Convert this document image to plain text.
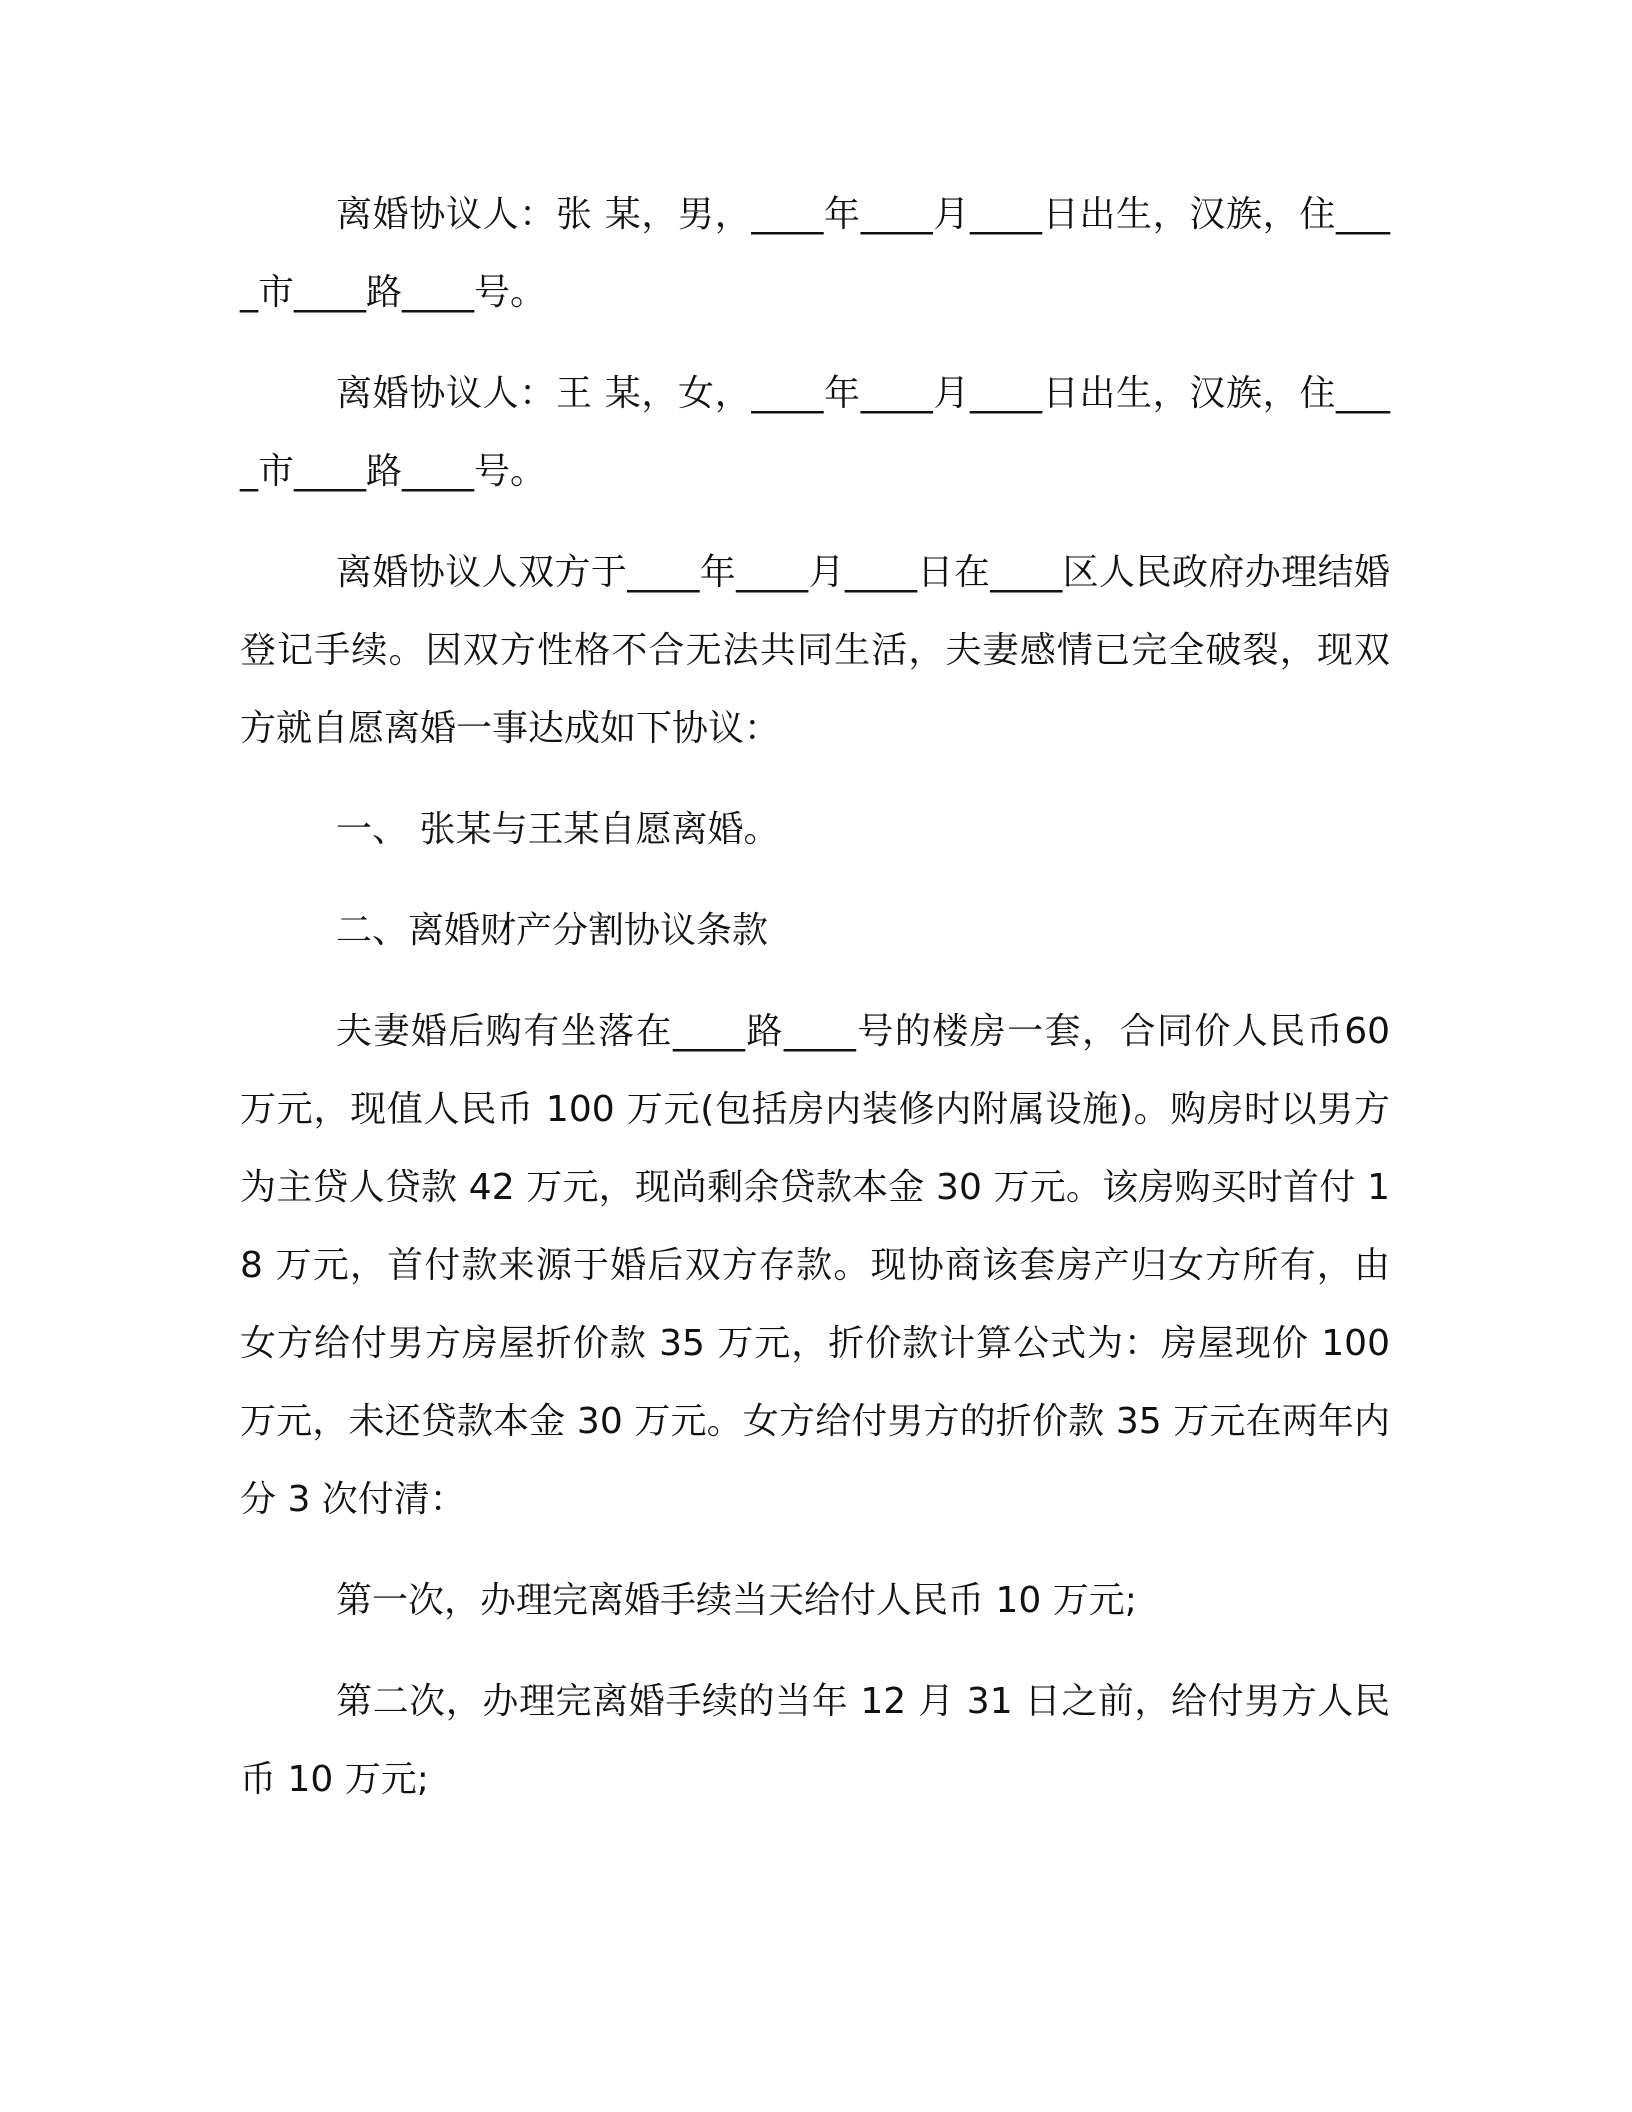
离婚协议人：张 某，男，____年____月____日出生，汉族，住____市____路____号。

离婚协议人：王 某，女，____年____月____日出生，汉族，住____市____路____号。

离婚协议人双方于____年____月____日在____区人民政府办理结婚登记手续。因双方性格不合无法共同生活，夫妻感情已完全破裂，现双方就自愿离婚一事达成如下协议：

一、 张某与王某自愿离婚。

二、离婚财产分割协议条款

夫妻婚后购有坐落在____路____号的楼房一套，合同价人民币60 万元，现值人民币 100 万元(包括房内装修内附属设施)。购房时以男方为主贷人贷款 42 万元，现尚剩余贷款本金 30 万元。该房购买时首付 18 万元，首付款来源于婚后双方存款。现协商该套房产归女方所有，由女方给付男方房屋折价款 35 万元，折价款计算公式为：房屋现价 100 万元，未还贷款本金 30 万元。女方给付男方的折价款 35 万元在两年内分 3 次付清：

第一次，办理完离婚手续当天给付人民币 10 万元;

第二次，办理完离婚手续的当年 12 月 31 日之前，给付男方人民币 10 万元;
